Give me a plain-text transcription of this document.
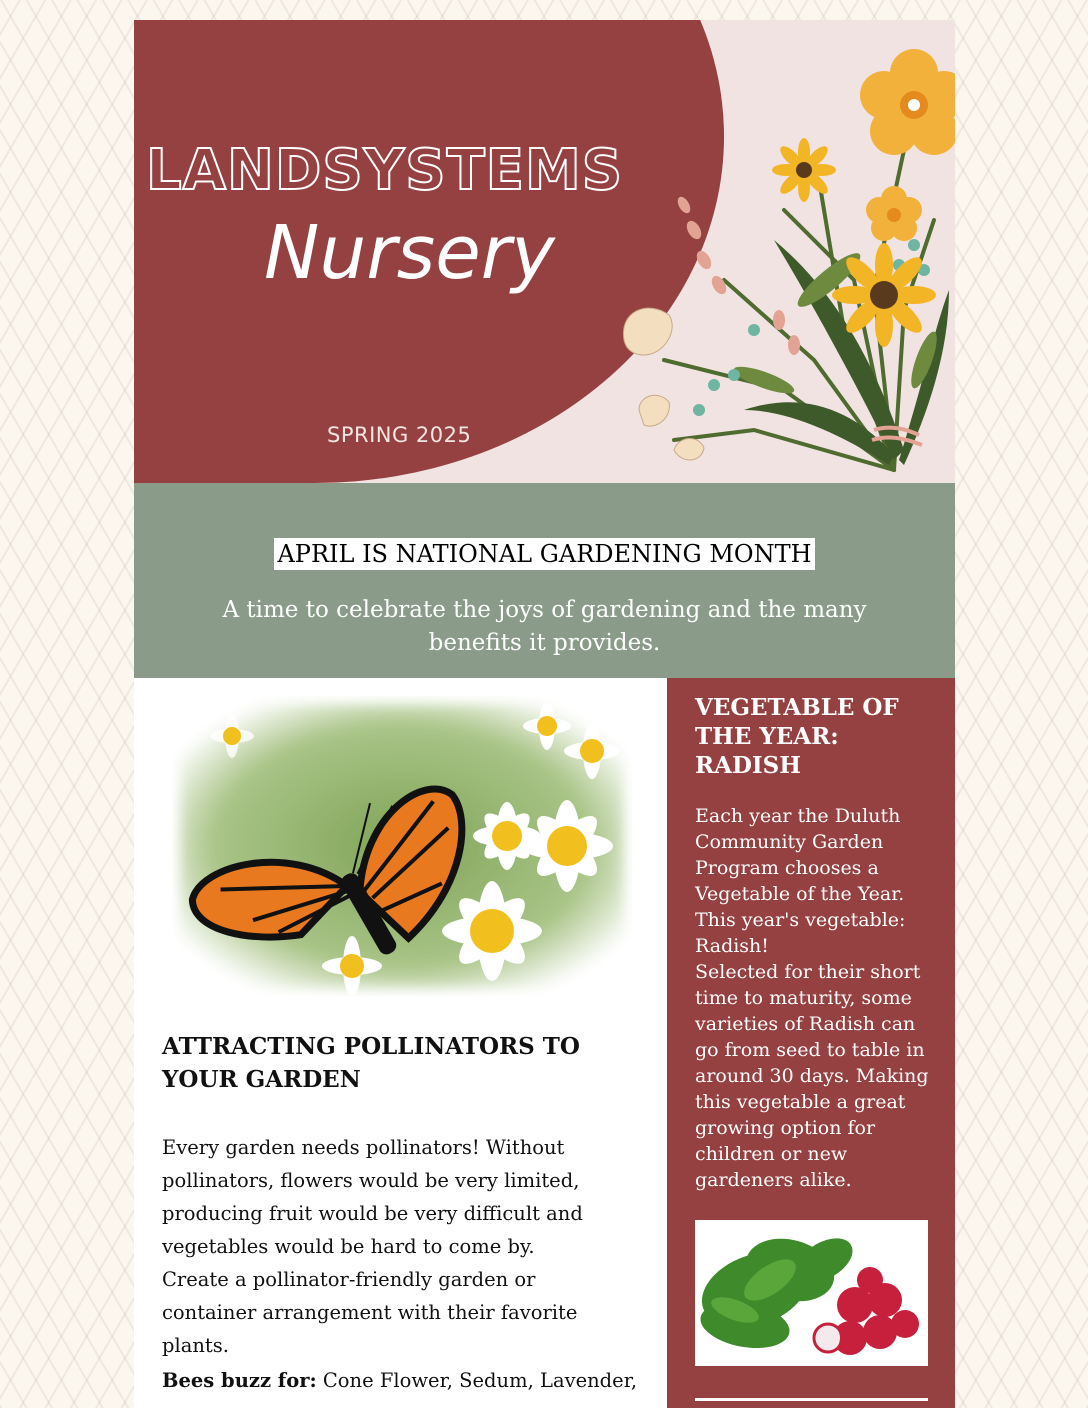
LANDSYSTEMS
Nursery
SPRING 2025
APRIL IS NATIONAL GARDENING MONTH
A time to celebrate the joys of gardening and the many benefits it provides.
ATTRACTING POLLINATORS TO YOUR GARDEN
Every garden needs pollinators! Without pollinators, flowers would be very limited, producing fruit would be very difficult and vegetables would be hard to come by.
Create a pollinator-friendly garden or container arrangement with their favorite plants.
Bees buzz for: Cone Flower, Sedum, Lavender,
VEGETABLE OF THE YEAR: RADISH
Each year the Duluth Community Garden Program chooses a Vegetable of the Year. This year's vegetable: Radish!
Selected for their short time to maturity, some varieties of Radish can go from seed to table in around 30 days. Making this vegetable a great growing option for children or new gardeners alike.
